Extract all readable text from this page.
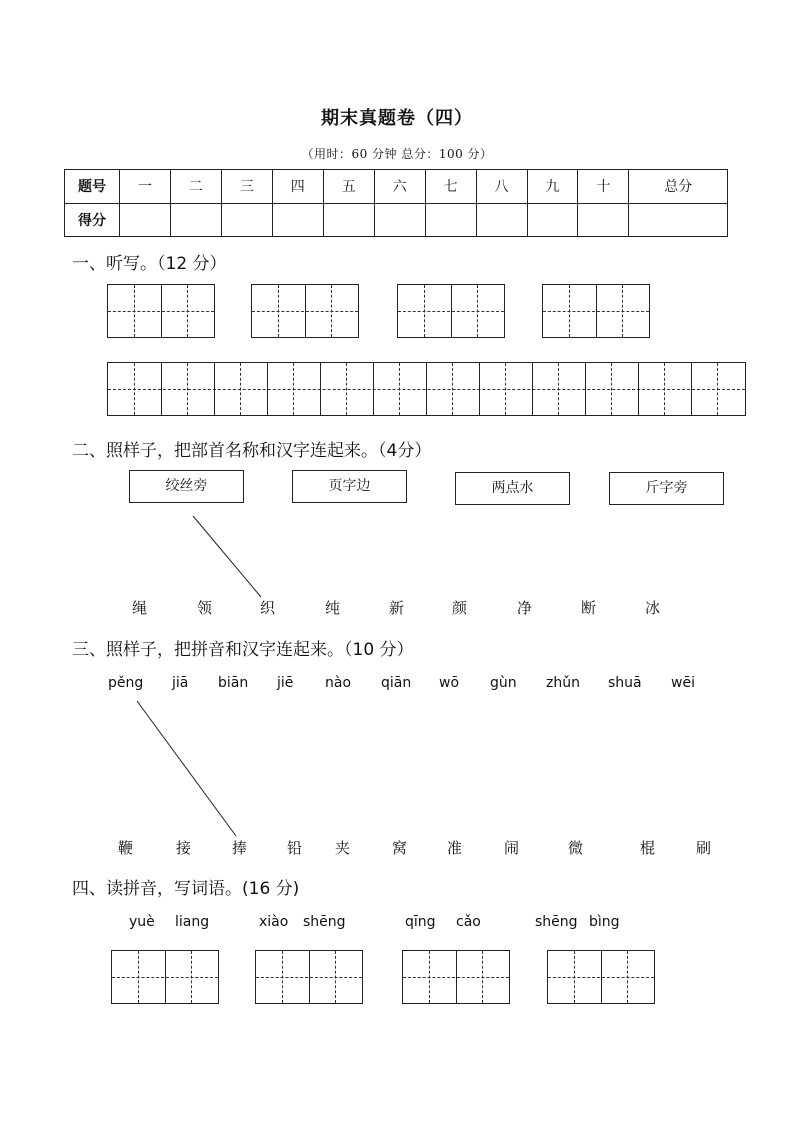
期末真题卷（四）
（用时：60 分钟 总分：100 分）
题号	一	二	三	四	五	六	七	八	九	十	总分
得分											
一、听写。（12 分）
二、照样子，把部首名称和汉字连起来。（4分）
绞丝旁	页字边	两点水	斤字旁
绳	领	织	纯	新	颜	净	断	冰
三、照样子，把拼音和汉字连起来。（10 分）
pěng jiā biān jiē nào qiān wō gùn zhǔn shuā wēi
鞭	接	捧	铅 夹	窝	准	闹	微	棍	刷
四、读拼音，写词语。(16 分)
yuè liang	xiào shēng	qīng cǎo	shēng bìng
